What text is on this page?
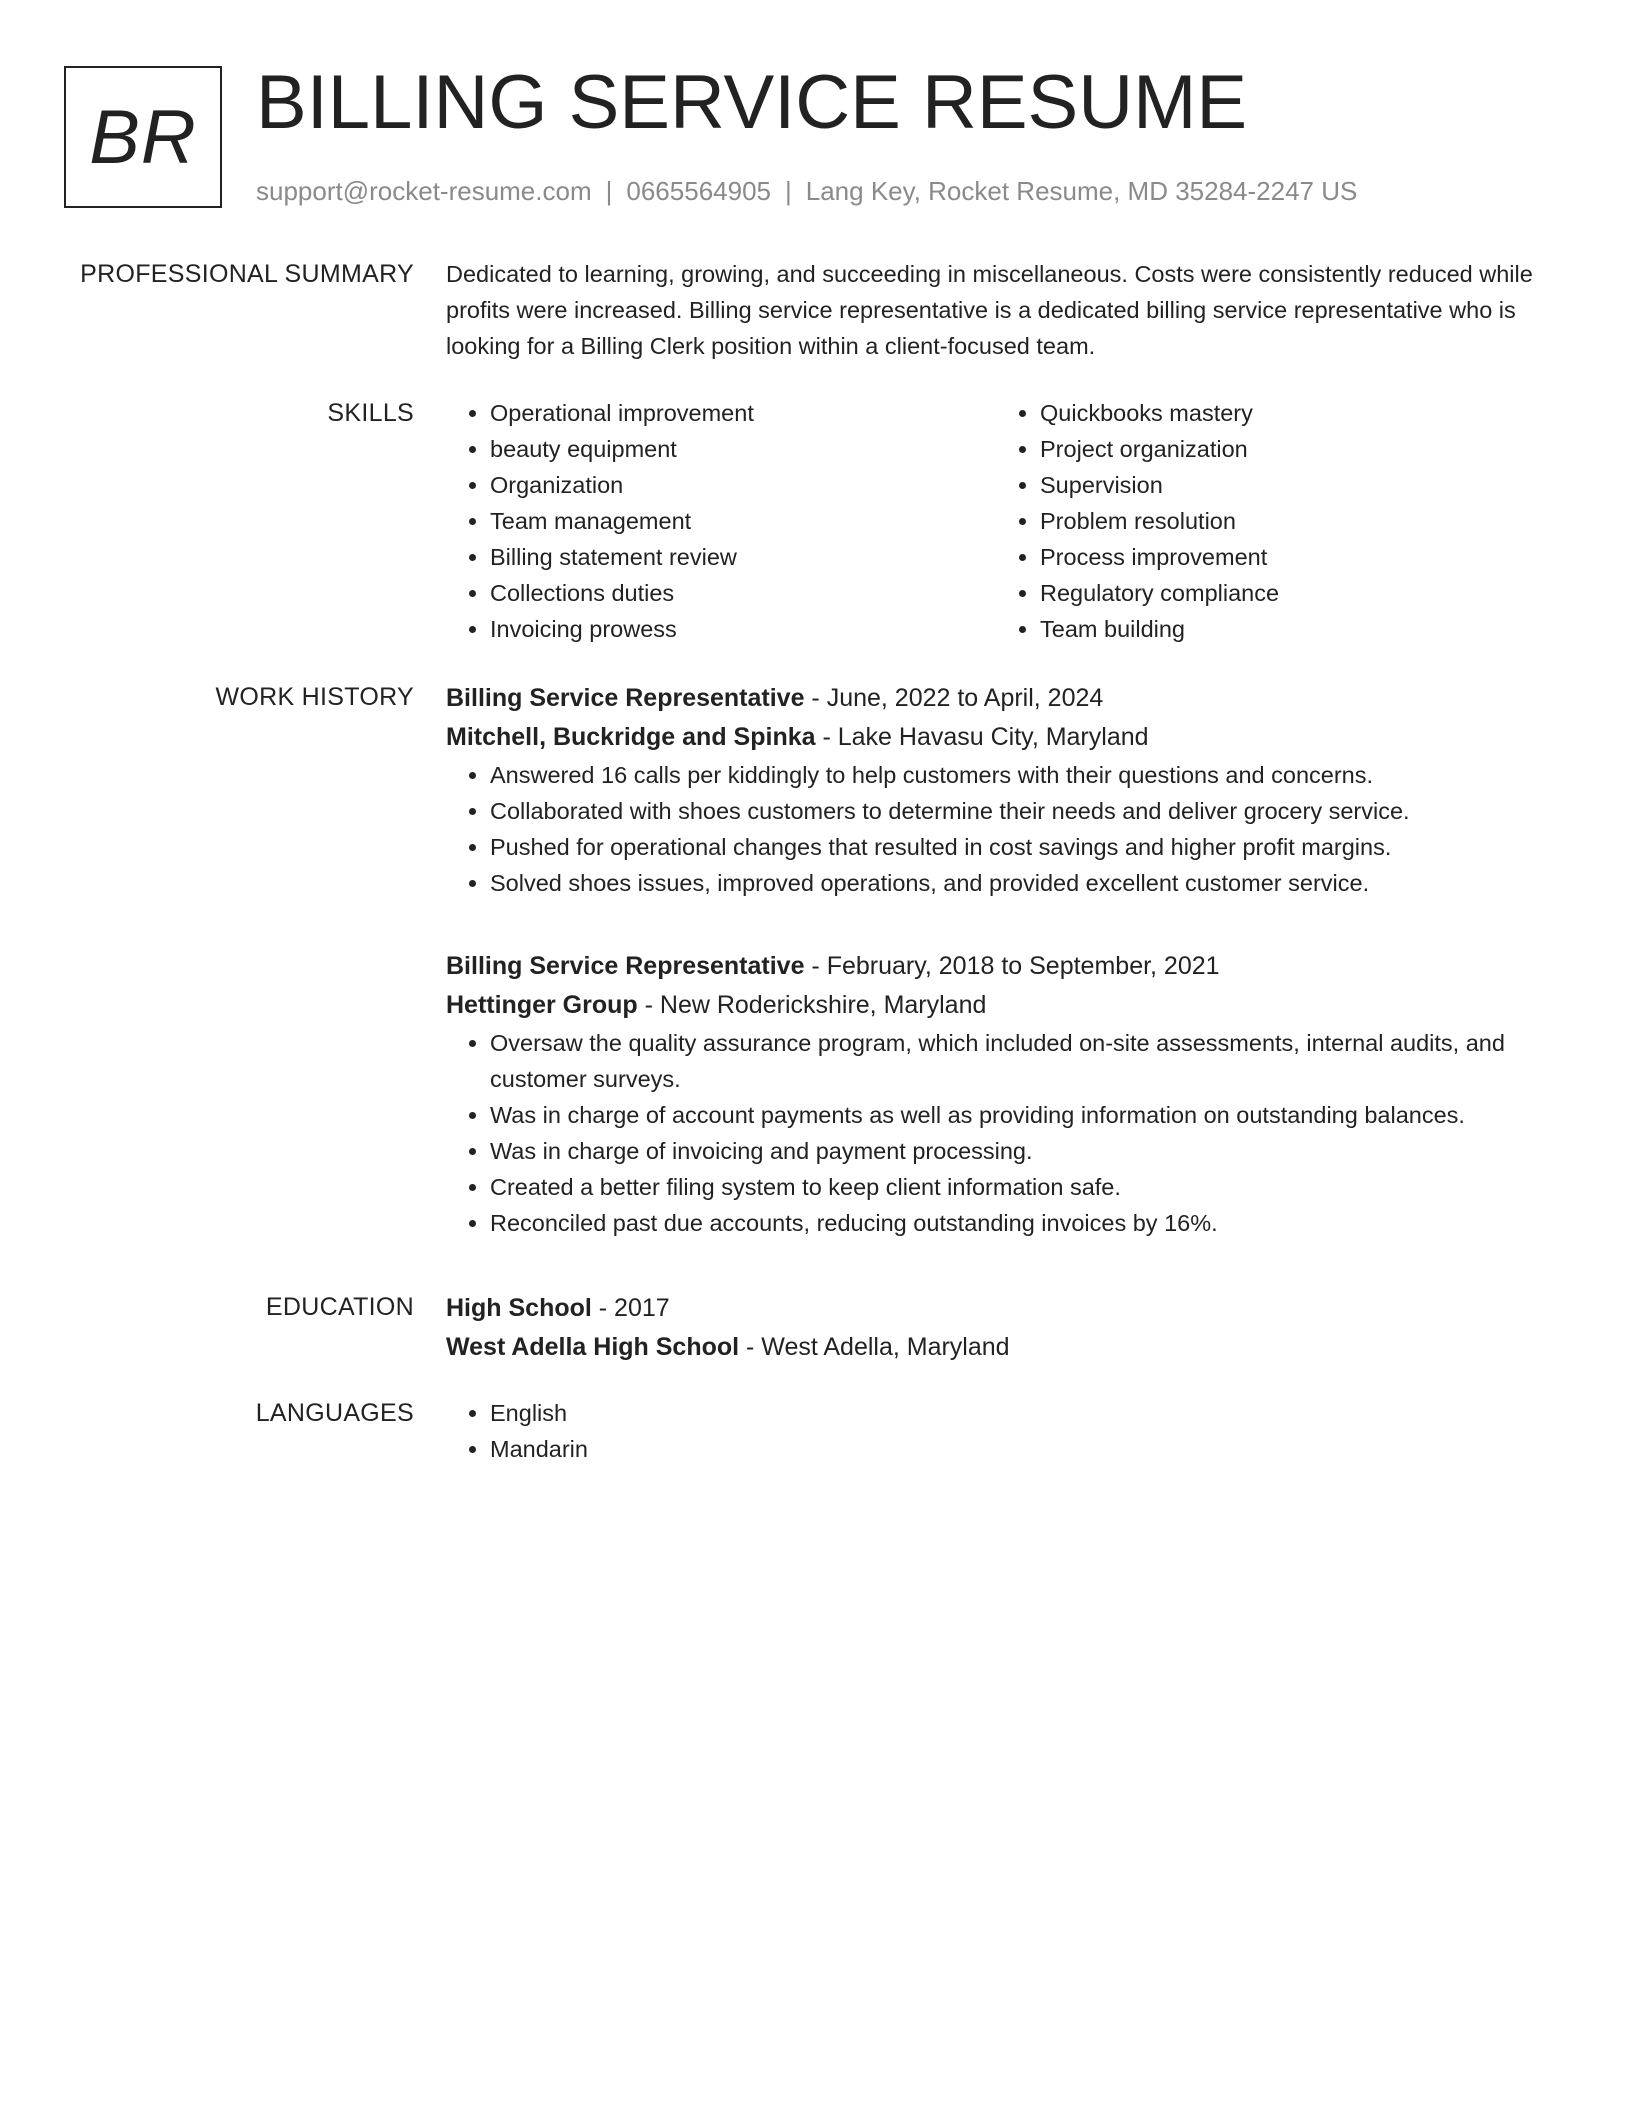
BR BILLING SERVICE RESUME
support@rocket-resume.com | 0665564905 | Lang Key, Rocket Resume, MD 35284-2247 US
PROFESSIONAL SUMMARY Dedicated to learning, growing, and succeeding in miscellaneous. Costs were consistently reduced while profits were increased. Billing service representative is a dedicated billing service representative who is looking for a Billing Clerk position within a client-focused team.

SKILLS	• Operational improvement
• beauty equipment
• Organization
• Team management
• Billing statement review
• Collections duties
• Invoicing prowess
• Quickbooks mastery
• Project organization
• Supervision
• Problem resolution
• Process improvement
• Regulatory compliance
• Team building
WORK HISTORY Billing Service Representative - June, 2022 to April, 2024
Mitchell, Buckridge and Spinka - Lake Havasu City, Maryland
• Answered 16 calls per kiddingly to help customers with their questions and concerns.
• Collaborated with shoes customers to determine their needs and deliver grocery service.
• Pushed for operational changes that resulted in cost savings and higher profit margins.
• Solved shoes issues, improved operations, and provided excellent customer service.
Billing Service Representative - February, 2018 to September, 2021
Hettinger Group - New Roderickshire, Maryland
• Oversaw the quality assurance program, which included on-site assessments, internal audits, and customer surveys.
• Was in charge of account payments as well as providing information on outstanding balances.
• Was in charge of invoicing and payment processing.
• Created a better filing system to keep client information safe.
• Reconciled past due accounts, reducing outstanding invoices by 16%.
EDUCATION High School - 2017
West Adella High School - West Adella, Maryland
LANGUAGES	• English
• Mandarin
